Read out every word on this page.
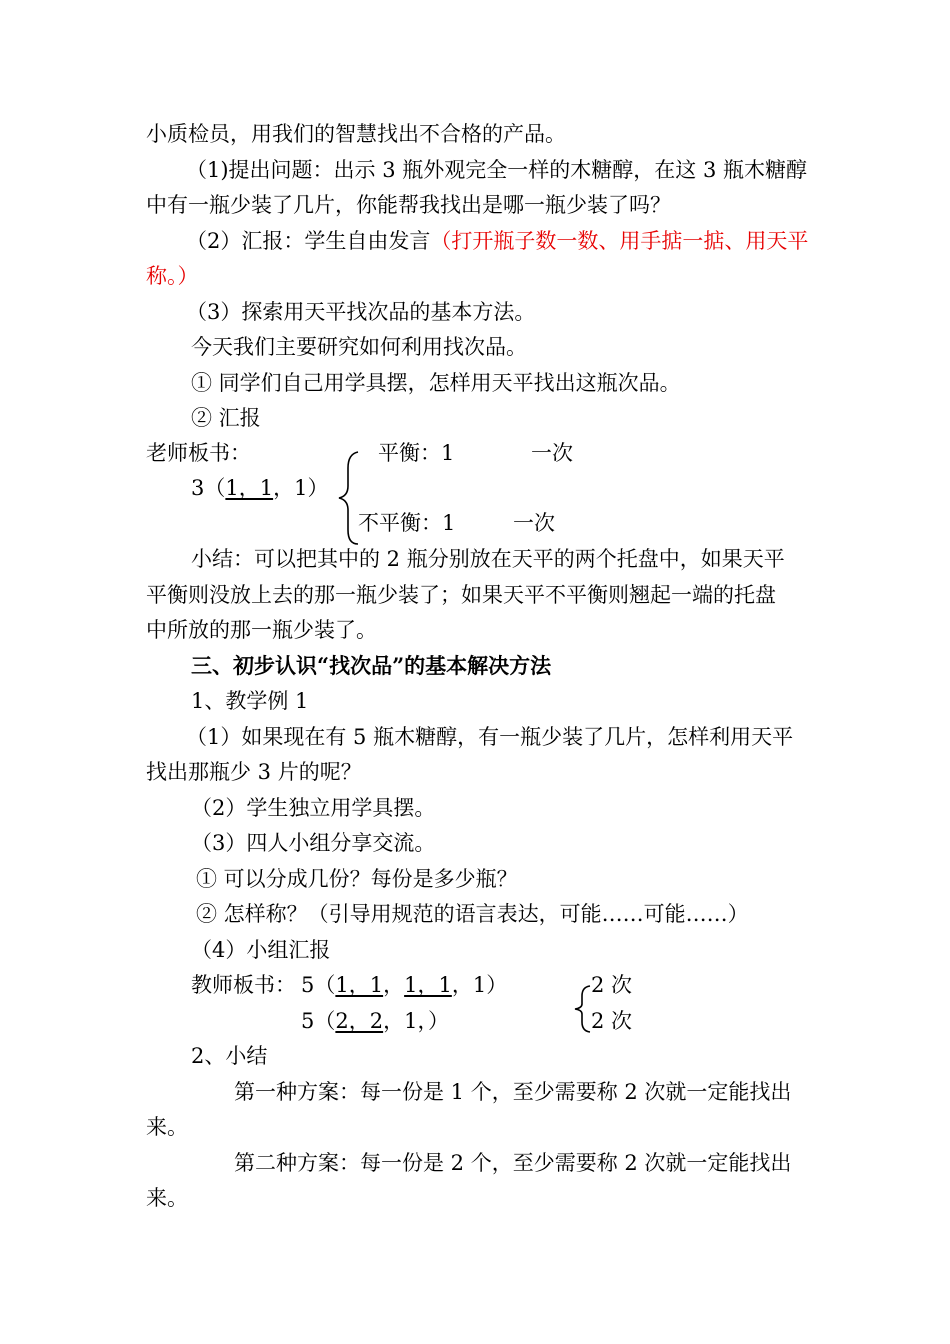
小质检员，用我们的智慧找出不合格的产品。
（1)提出问题：出示 3 瓶外观完全一样的木糖醇，在这 3 瓶木糖醇
中有一瓶少装了几片，你能帮我找出是哪一瓶少装了吗？
（2）汇报：学生自由发言（打开瓶子数一数、用手掂一掂、用天平
称。）
（3）探索用天平找次品的基本方法。
今天我们主要研究如何利用找次品。
① 同学们自己用学具摆，怎样用天平找出这瓶次品。
② 汇报
老师板书：	平衡：1	一次
3（1，1，1）
不平衡：1	一次
小结：可以把其中的 2 瓶分别放在天平的两个托盘中，如果天平
平衡则没放上去的那一瓶少装了；如果天平不平衡则翘起一端的托盘
中所放的那一瓶少装了。
三、初步认识“找次品”的基本解决方法
1、教学例 1
（1）如果现在有 5 瓶木糖醇，有一瓶少装了几片，怎样利用天平
找出那瓶少 3 片的呢？
（2）学生独立用学具摆。
（3）四人小组分享交流。
① 可以分成几份？每份是多少瓶？
② 怎样称？（引导用规范的语言表达，可能……可能……）
（4）小组汇报
教师板书： 5（1，1，1，1，1）
5（2，2，1，）
2 次
2 次
2、小结
第一种方案：每一份是 1 个，至少需要称 2 次就一定能找出
来。
第二种方案：每一份是 2 个，至少需要称 2 次就一定能找出
来。
